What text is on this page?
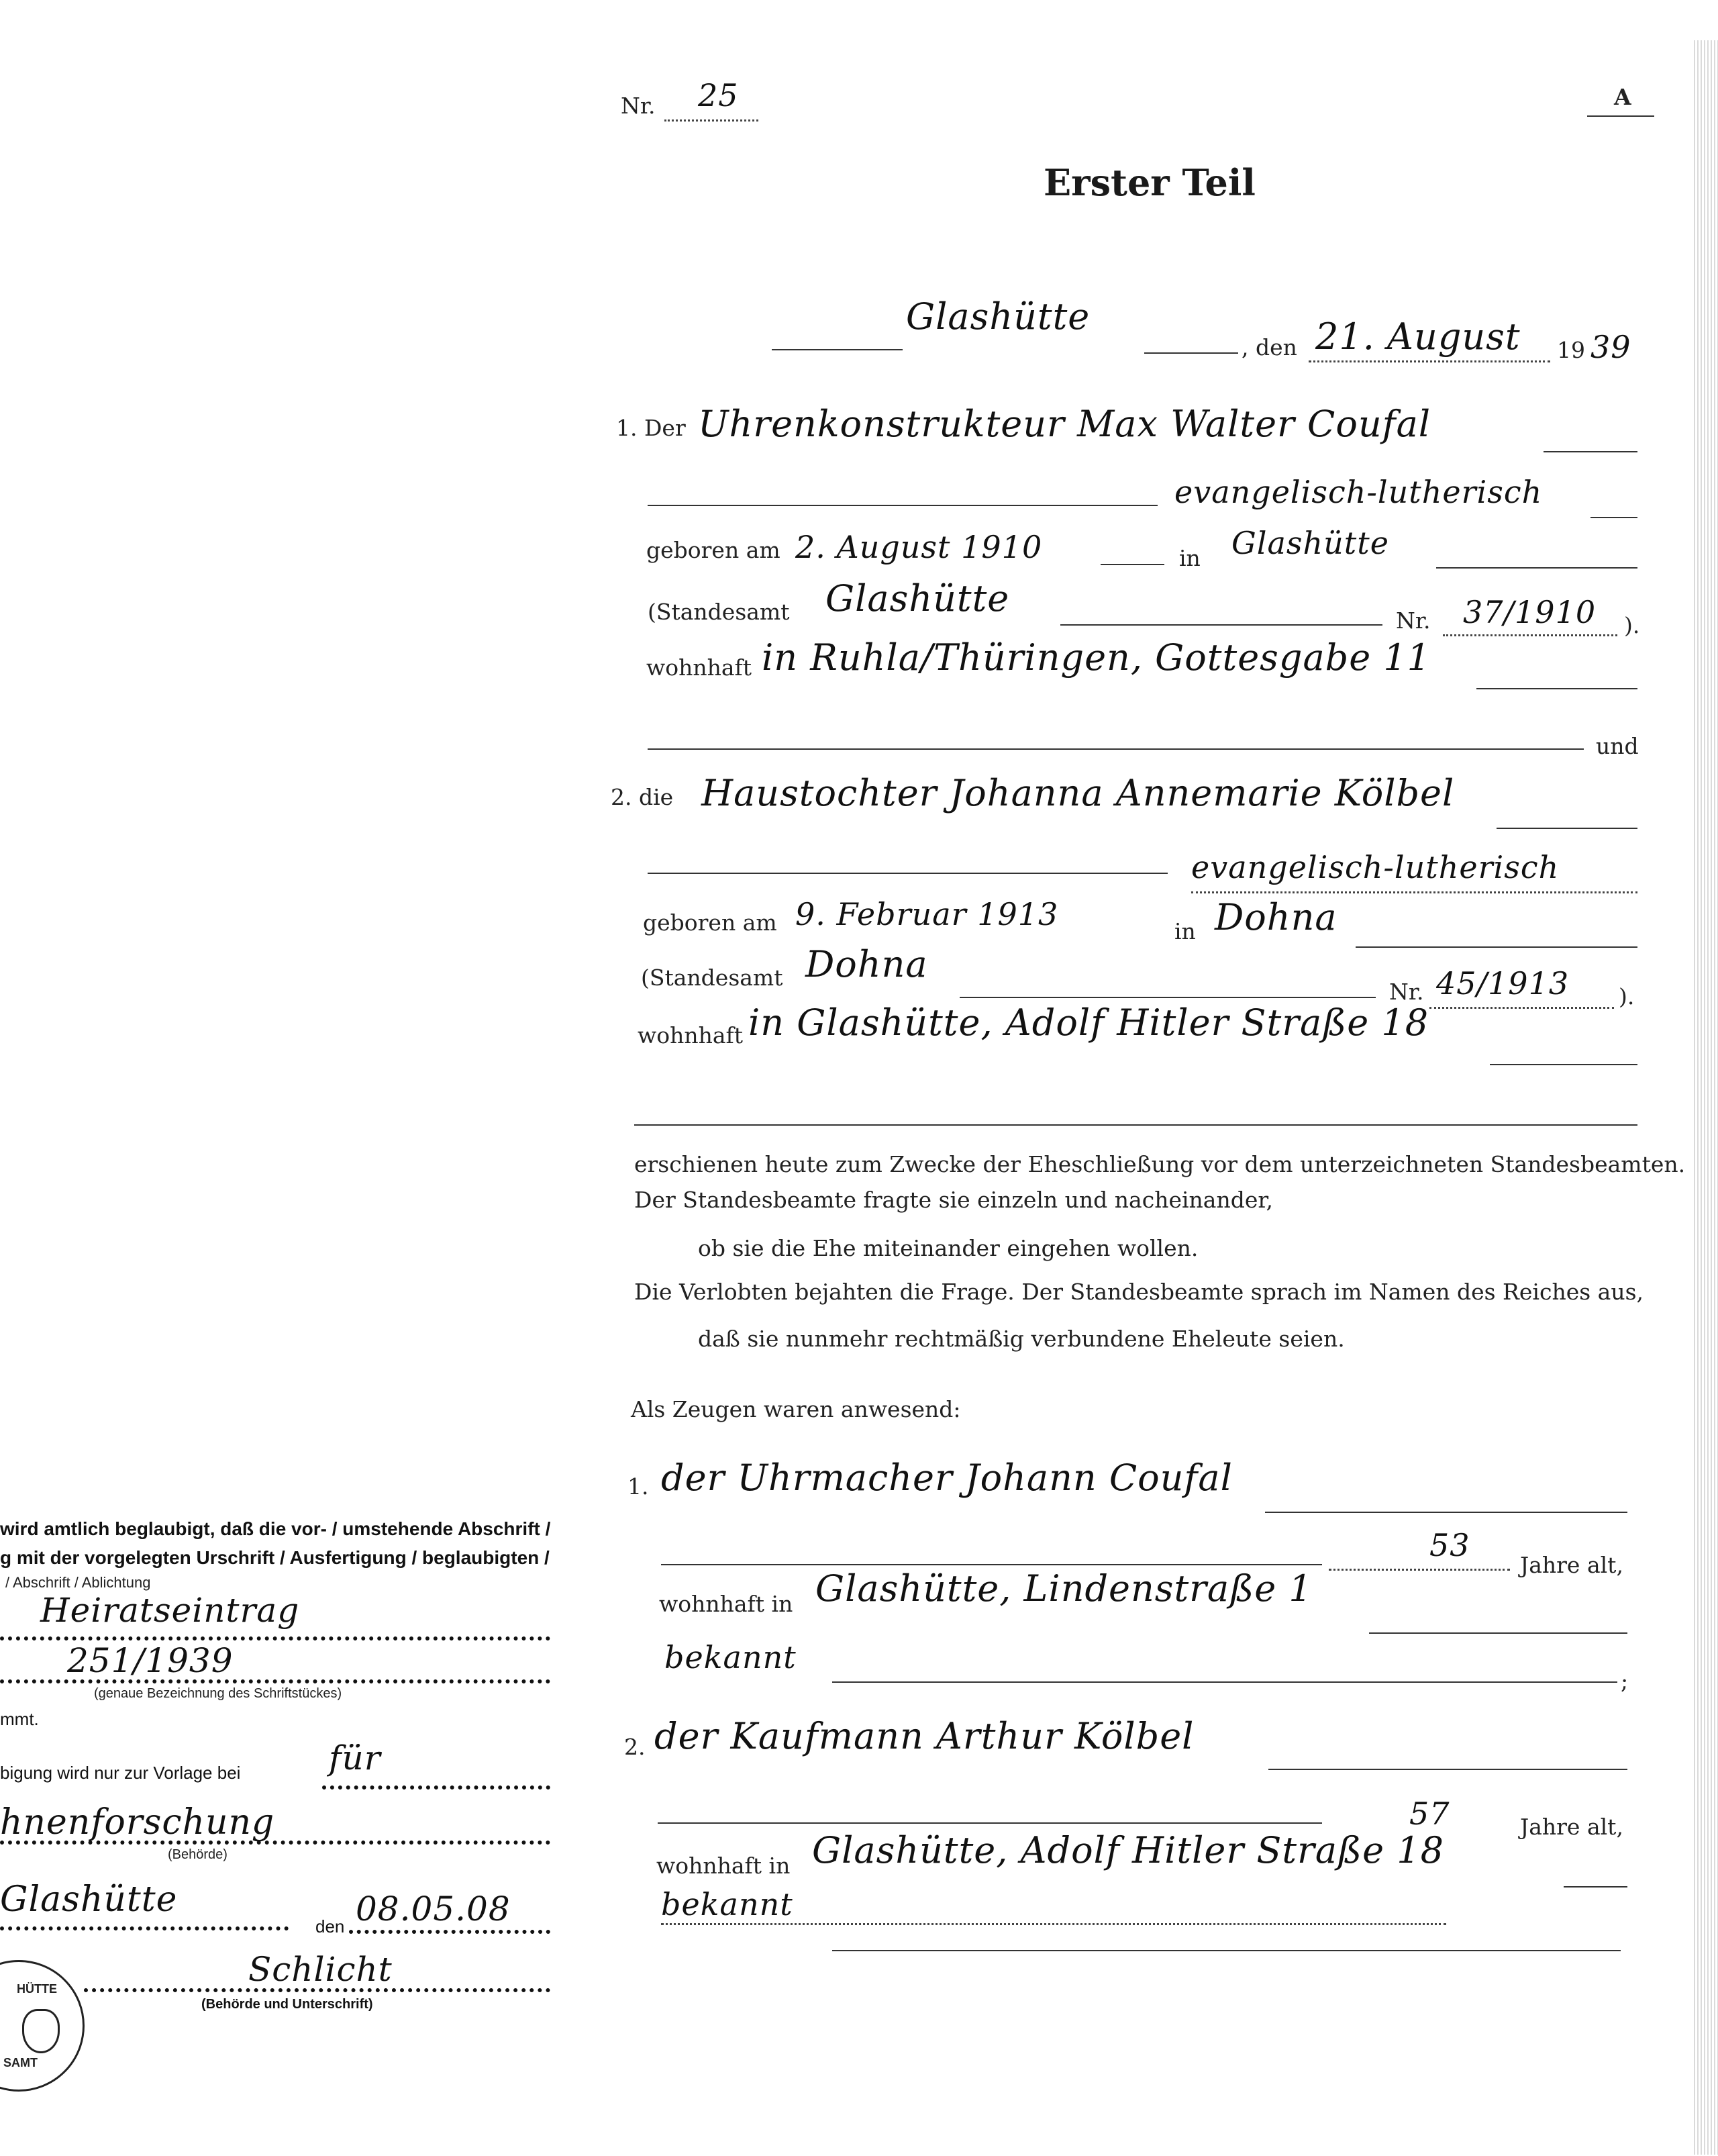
Nr. 25	A
Erster Teil
Glashütte
, den 21. August 19 39
1. Der Uhrenkonstrukteur Max Walter Coufal
evangelisch-lutherisch
geboren am 2. August 1910	in Glashütte
(Standesamt Glashütte
Nr. 37/1910 ).
wohnhaft in Ruhla/Thüringen, Gottesgabe 11
und
2. die Haustochter Johanna Annemarie Kölbel
evangelisch-lutherisch
geboren am 9. Februar 1913	in Dohna
(Standesamt Dohna
Nr. 45/1913 ).
wohnhaft in Glashütte, Adolf Hitler Straße 18
erschienen heute zum Zwecke der Eheschließung vor dem unterzeichneten Standesbeamten.
Der Standesbeamte fragte sie einzeln und nacheinander,
ob sie die Ehe miteinander eingehen wollen.
Die Verlobten bejahten die Frage. Der Standesbeamte sprach im Namen des Reiches aus,
daß sie nunmehr rechtmäßig verbundene Eheleute seien.
Als Zeugen waren anwesend:
1. der Uhrmacher Johann Coufal
53
Jahre alt,
wohnhaft in Glashütte, Lindenstraße 1
bekannt
;
2. der Kaufmann Arthur Kölbel
57	Jahre alt,
wohnhaft in Glashütte, Adolf Hitler Straße 18
bekannt
wird amtlich beglaubigt, daß die vor- / umstehende Abschrift /
g mit der vorgelegten Urschrift / Ausfertigung / beglaubigten /
/ Abschrift / Ablichtung
Heiratseintrag
251/1939
(genaue Bezeichnung des Schriftstückes)
mmt.
bigung wird nur zur Vorlage bei	für
hnenforschung
(Behörde)
Glashütte
den 08.05.08
Schlicht
(Behörde und Unterschrift)
HÜTTE
SAMT
